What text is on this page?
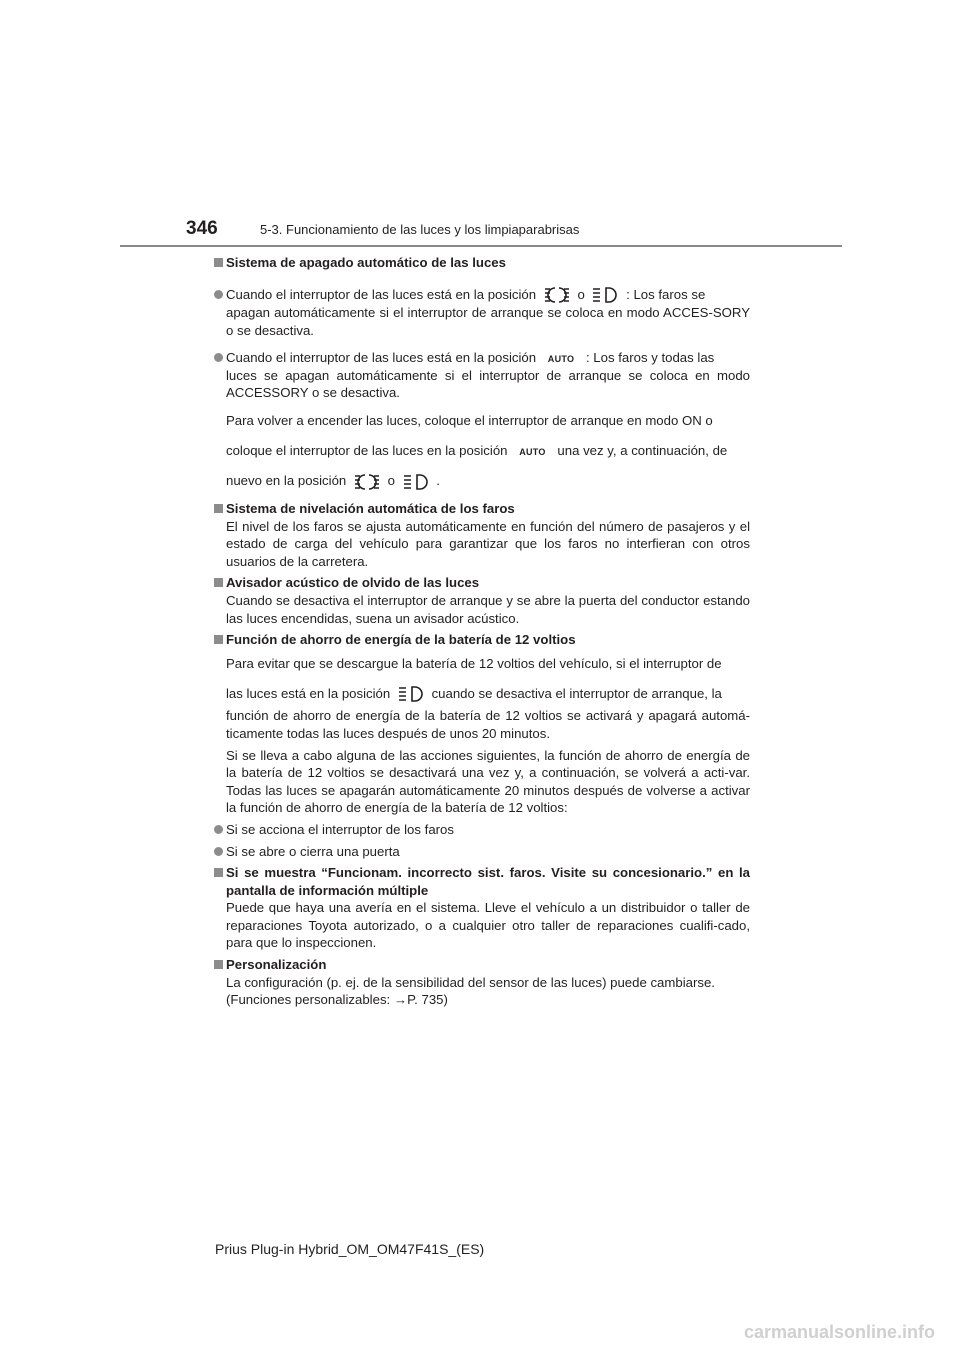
346	5-3. Funcionamiento de las luces y los limpiaparabrisas
Sistema de apagado automático de las luces
Cuando el interruptor de las luces está en la posición	o	: Los faros se
apagan automáticamente si el interruptor de arranque se coloca en modo ACCES-SORY o se desactiva.
Cuando el interruptor de las luces está en la posición AUTO : Los faros y todas las
luces se apagan automáticamente si el interruptor de arranque se coloca en modo ACCESSORY o se desactiva.

Para volver a encender las luces, coloque el interruptor de arranque en modo ON o
coloque el interruptor de las luces en la posición AUTO una vez y, a continuación, de
nuevo en la posición	o	.

Sistema de nivelación automática de los faros

El nivel de los faros se ajusta automáticamente en función del número de pasajeros y el estado de carga del vehículo para garantizar que los faros no interfieran con otros usuarios de la carretera.

Avisador acústico de olvido de las luces

Cuando se desactiva el interruptor de arranque y se abre la puerta del conductor estando las luces encendidas, suena un avisador acústico.

Función de ahorro de energía de la batería de 12 voltios

Para evitar que se descargue la batería de 12 voltios del vehículo, si el interruptor de
las luces está en la posición	cuando se desactiva el interruptor de arranque, la
función de ahorro de energía de la batería de 12 voltios se activará y apagará automá-ticamente todas las luces después de unos 20 minutos.

Si se lleva a cabo alguna de las acciones siguientes, la función de ahorro de energía de la batería de 12 voltios se desactivará una vez y, a continuación, se volverá a acti-var. Todas las luces se apagarán automáticamente 20 minutos después de volverse a activar la función de ahorro de energía de la batería de 12 voltios:

Si se acciona el interruptor de los faros
Si se abre o cierra una puerta
Si se muestra “Funcionam. incorrecto sist. faros. Visite su concesionario.” en la pantalla de información múltiple

Puede que haya una avería en el sistema. Lleve el vehículo a un distribuidor o taller de reparaciones Toyota autorizado, o a cualquier otro taller de reparaciones cualifi-cado, para que lo inspeccionen.

Personalización

La configuración (p. ej. de la sensibilidad del sensor de las luces) puede cambiarse.
(Funciones personalizables: →P. 735)

Prius Plug-in Hybrid_OM_OM47F41S_(ES)
carmanualsonline.info
